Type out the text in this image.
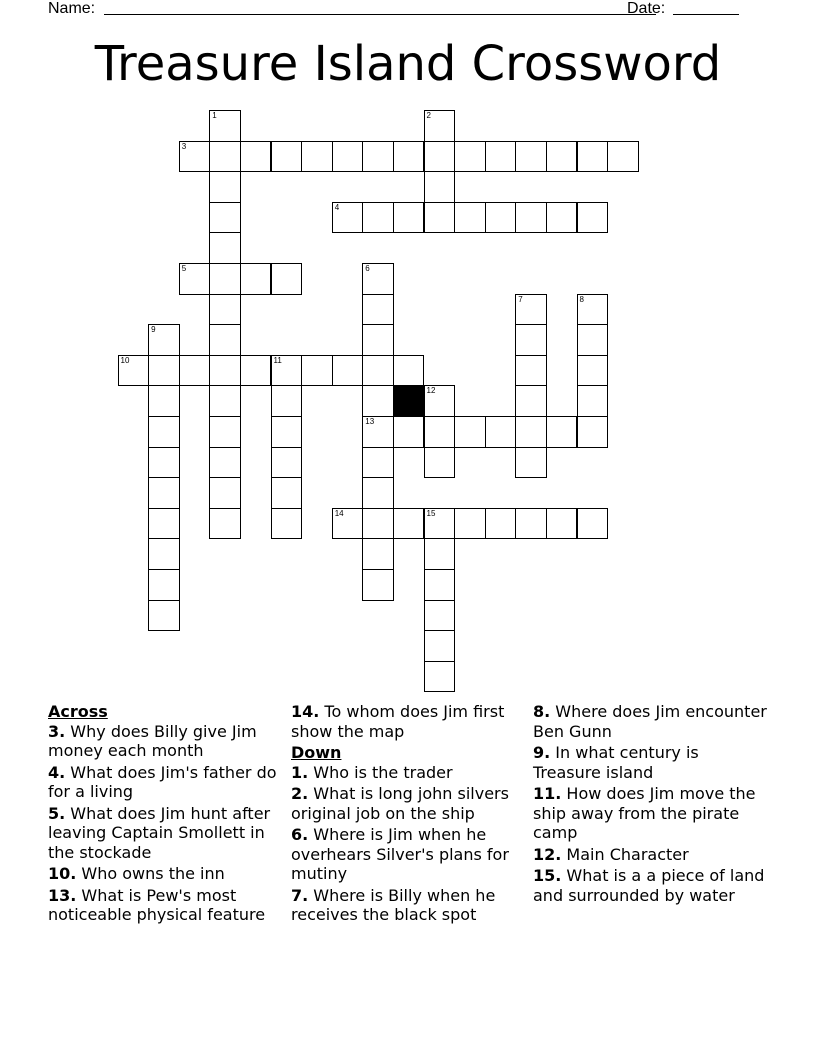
Name:	Date:
Treasure Island Crossword
3
4
5
10	11
13
14	15
1	2
6
7	8
9
12
Across
3. Why does Billy give Jim money each month
4. What does Jim's father do for a living
5. What does Jim hunt after leaving Captain Smollett in the stockade
10. Who owns the inn
13. What is Pew's most noticeable physical feature
14. To whom does Jim first show the map
Down
1. Who is the trader
2. What is long john silvers original job on the ship
6. Where is Jim when he overhears Silver's plans for mutiny
7. Where is Billy when he receives the black spot
8. Where does Jim encounter Ben Gunn
9. In what century is Treasure island
11. How does Jim move the ship away from the pirate camp
12. Main Character
15. What is a a piece of land and surrounded by water
